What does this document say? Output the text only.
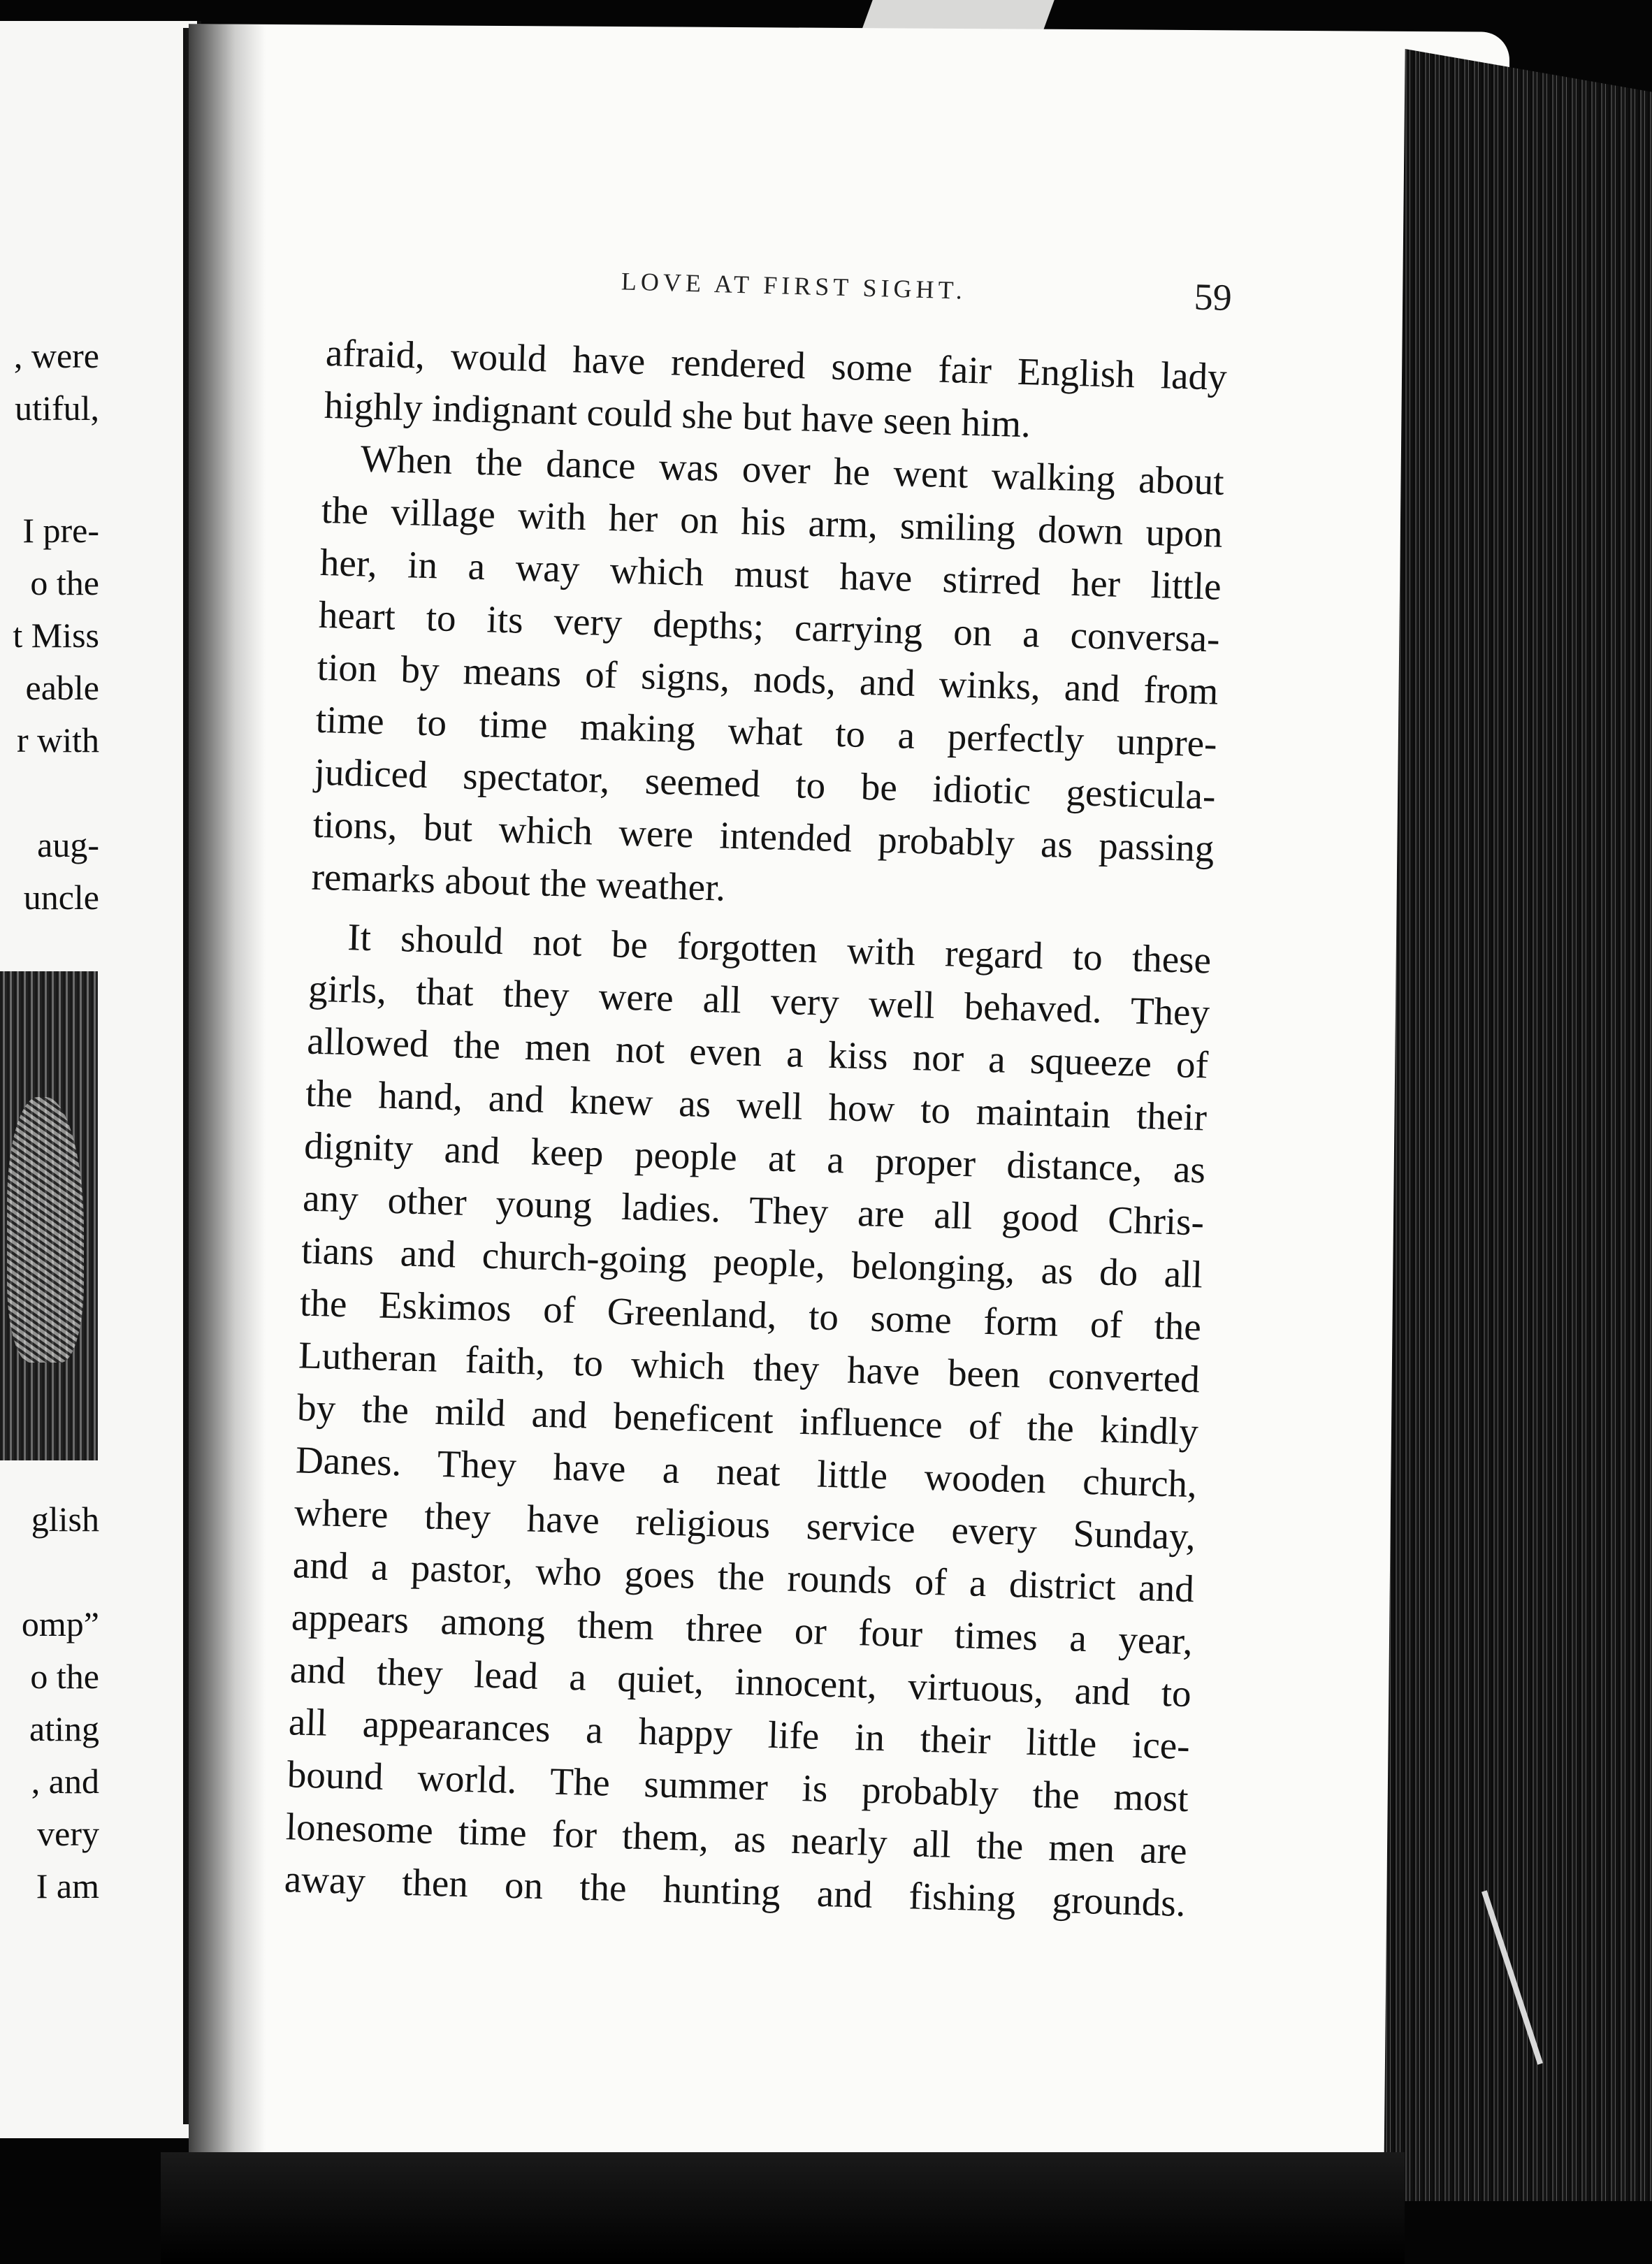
, were
utiful,
I pre-
o the
t Miss
eable
r with
aug-
uncle
glish
omp”
o the
ating
, and
very
I am
LOVE AT FIRST SIGHT.	59
afraid, would have rendered some fair English lady
highly indignant could she but have seen him.
When the dance was over he went walking about
the village with her on his arm, smiling down upon
her, in a way which must have stirred her little
heart to its very depths; carrying on a conversa-
tion by means of signs, nods, and winks, and from
time to time making what to a perfectly unpre-
judiced spectator, seemed to be idiotic gesticula-
tions, but which were intended probably as passing
remarks about the weather.
It should not be forgotten with regard to these
girls, that they were all very well behaved. They
allowed the men not even a kiss nor a squeeze of
the hand, and knew as well how to maintain their
dignity and keep people at a proper distance, as
any other young ladies. They are all good Chris-
tians and church-going people, belonging, as do all
the Eskimos of Greenland, to some form of the
Lutheran faith, to which they have been converted
by the mild and beneficent influence of the kindly
Danes. They have a neat little wooden church,
where they have religious service every Sunday,
and a pastor, who goes the rounds of a district and
appears among them three or four times a year,
and they lead a quiet, innocent, virtuous, and to
all appearances a happy life in their little ice-
bound world. The summer is probably the most
lonesome time for them, as nearly all the men are
away then on the hunting and fishing grounds.
